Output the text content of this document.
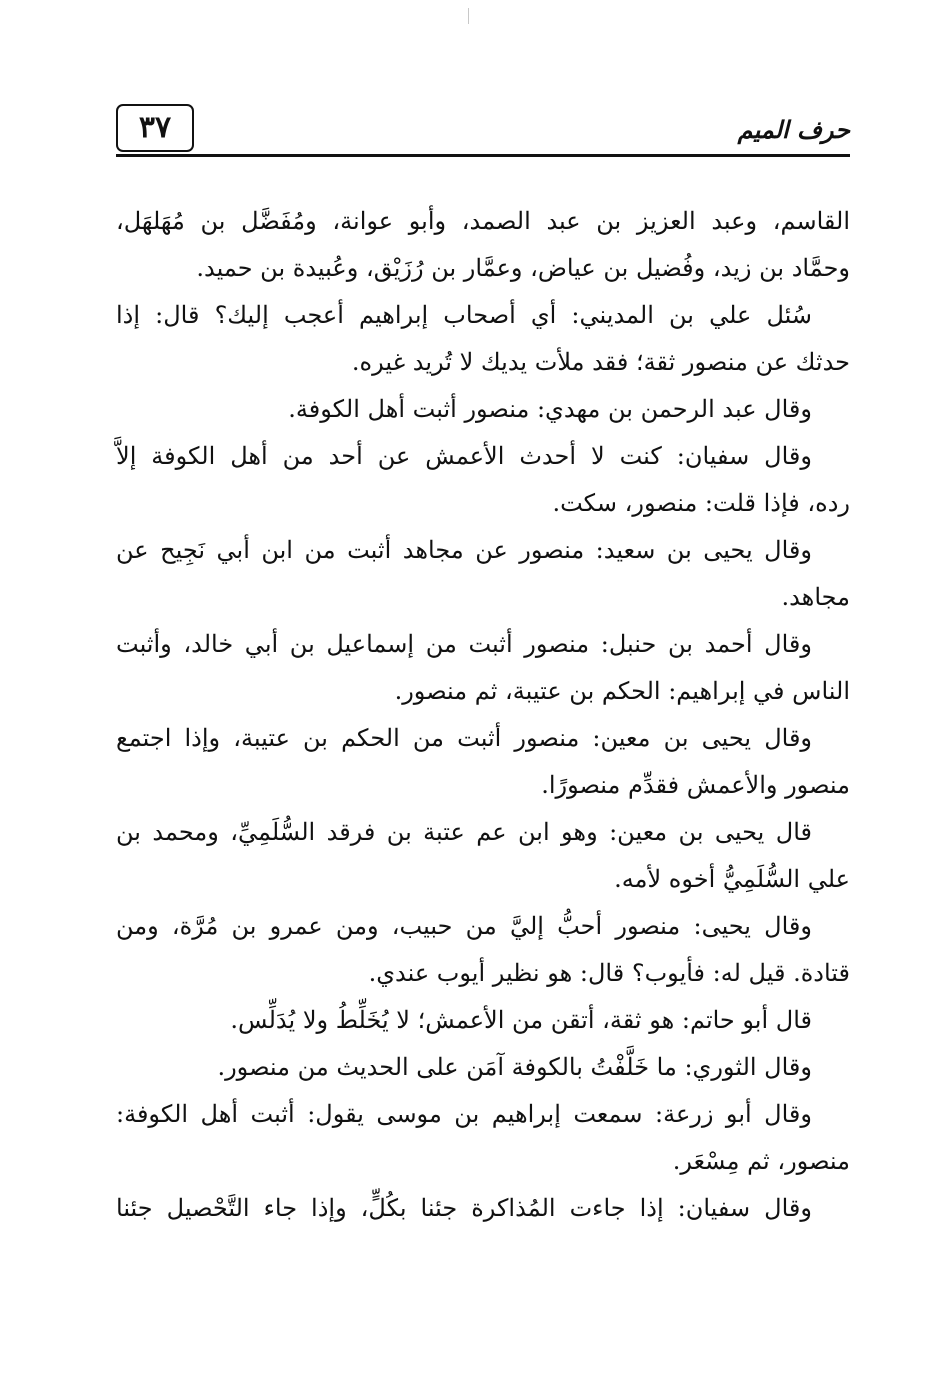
٣٧	حرف الميم
القاسم، وعبد العزيز بن عبد الصمد، وأبو عوانة، ومُفَضَّل بن مُهَلهَل،
وحمَّاد بن زيد، وفُضيل بن عياض، وعمَّار بن رُزَيْق، وعُبيدة بن حميد.
سُئل علي بن المديني: أي أصحاب إبراهيم أعجب إليك؟ قال: إذا
حدثك عن منصور ثقة؛ فقد ملأت يديك لا تُريد غيره.
وقال عبد الرحمن بن مهدي: منصور أثبت أهل الكوفة.
وقال سفيان: كنت لا أحدث الأعمش عن أحد من أهل الكوفة إلاَّ
رده، فإذا قلت: منصور، سكت.
وقال يحيى بن سعيد: منصور عن مجاهد أثبت من ابن أبي نَجِيح عن
مجاهد.
وقال أحمد بن حنبل: منصور أثبت من إسماعيل بن أبي خالد، وأثبت
الناس في إبراهيم: الحكم بن عتيبة، ثم منصور.
وقال يحيى بن معين: منصور أثبت من الحكم بن عتيبة، وإذا اجتمع
منصور والأعمش فقدِّم منصورًا.
قال يحيى بن معين: وهو ابن عم عتبة بن فرقد السُّلَمِيِّ، ومحمد بن
علي السُّلَمِيُّ أخوه لأمه.
وقال يحيى: منصور أحبُّ إليَّ من حبيب، ومن عمرو بن مُرَّة، ومن
قتادة. قيل له: فأيوب؟ قال: هو نظير أيوب عندي.
قال أبو حاتم: هو ثقة، أتقن من الأعمش؛ لا يُخَلِّطُ ولا يُدَلِّس.
وقال الثوري: ما خَلَّفْتُ بالكوفة آمَن على الحديث من منصور.
وقال أبو زرعة: سمعت إبراهيم بن موسى يقول: أثبت أهل الكوفة:
منصور، ثم مِسْعَر.
وقال سفيان: إذا جاءت المُذاكرة جئنا بكُلٍّ، وإذا جاء التَّحْصيل جئنا
